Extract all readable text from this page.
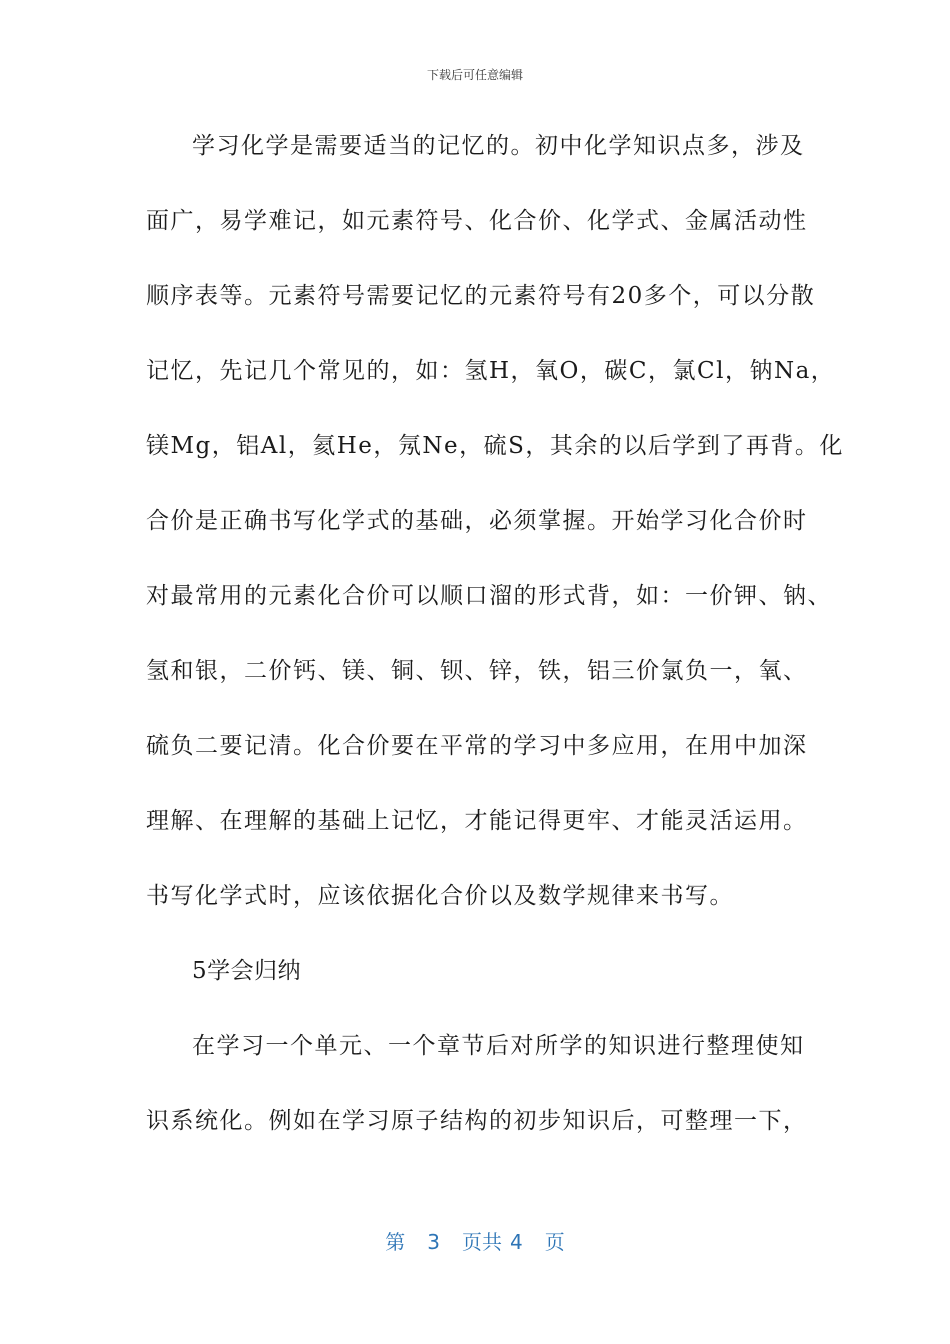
下载后可任意编辑
学习化学是需要适当的记忆的。初中化学知识点多，涉及
面广，易学难记，如元素符号、化合价、化学式、金属活动性
顺序表等。元素符号需要记忆的元素符号有20多个，可以分散
记忆，先记几个常见的，如：氢H，氧O，碳C，氯Cl，钠Na，
镁Mg，铝Al，氦He，氖Ne，硫S，其余的以后学到了再背。化
合价是正确书写化学式的基础，必须掌握。开始学习化合价时
对最常用的元素化合价可以顺口溜的形式背，如：一价钾、钠、
氢和银，二价钙、镁、铜、钡、锌，铁，铝三价氯负一，氧、
硫负二要记清。化合价要在平常的学习中多应用，在用中加深
理解、在理解的基础上记忆，才能记得更牢、才能灵活运用。
书写化学式时，应该依据化合价以及数学规律来书写。
5学会归纳
在学习一个单元、一个章节后对所学的知识进行整理使知
识系统化。例如在学习原子结构的初步知识后，可整理一下，
第 3 页共 4 页
